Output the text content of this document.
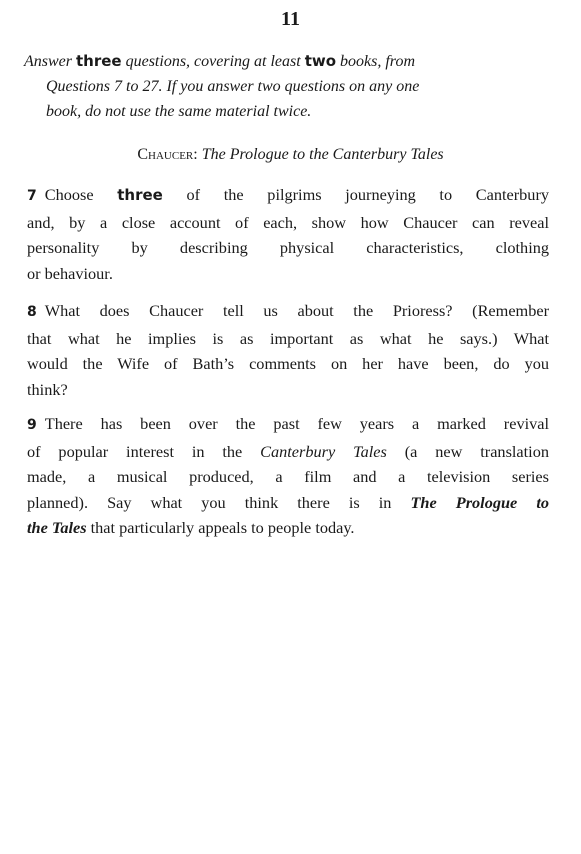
11
Answer three questions, covering at least two books, from
Questions 7 to 27. If you answer two questions on any one
book, do not use the same material twice.
Chaucer: The Prologue to the Canterbury Tales
7 Choose three of the pilgrims journeying to Canterbury
and, by a close account of each, show how Chaucer can reveal
personality by describing physical characteristics, clothing
or behaviour.
8 What does Chaucer tell us about the Prioress? (Remember
that what he implies is as important as what he says.) What
would the Wife of Bath’s comments on her have been, do you
think?
9 There has been over the past few years a marked revival
of popular interest in the Canterbury Tales (a new translation
made, a musical produced, a film and a television series
planned). Say what you think there is in The Prologue to
the Tales that particularly appeals to people today.
